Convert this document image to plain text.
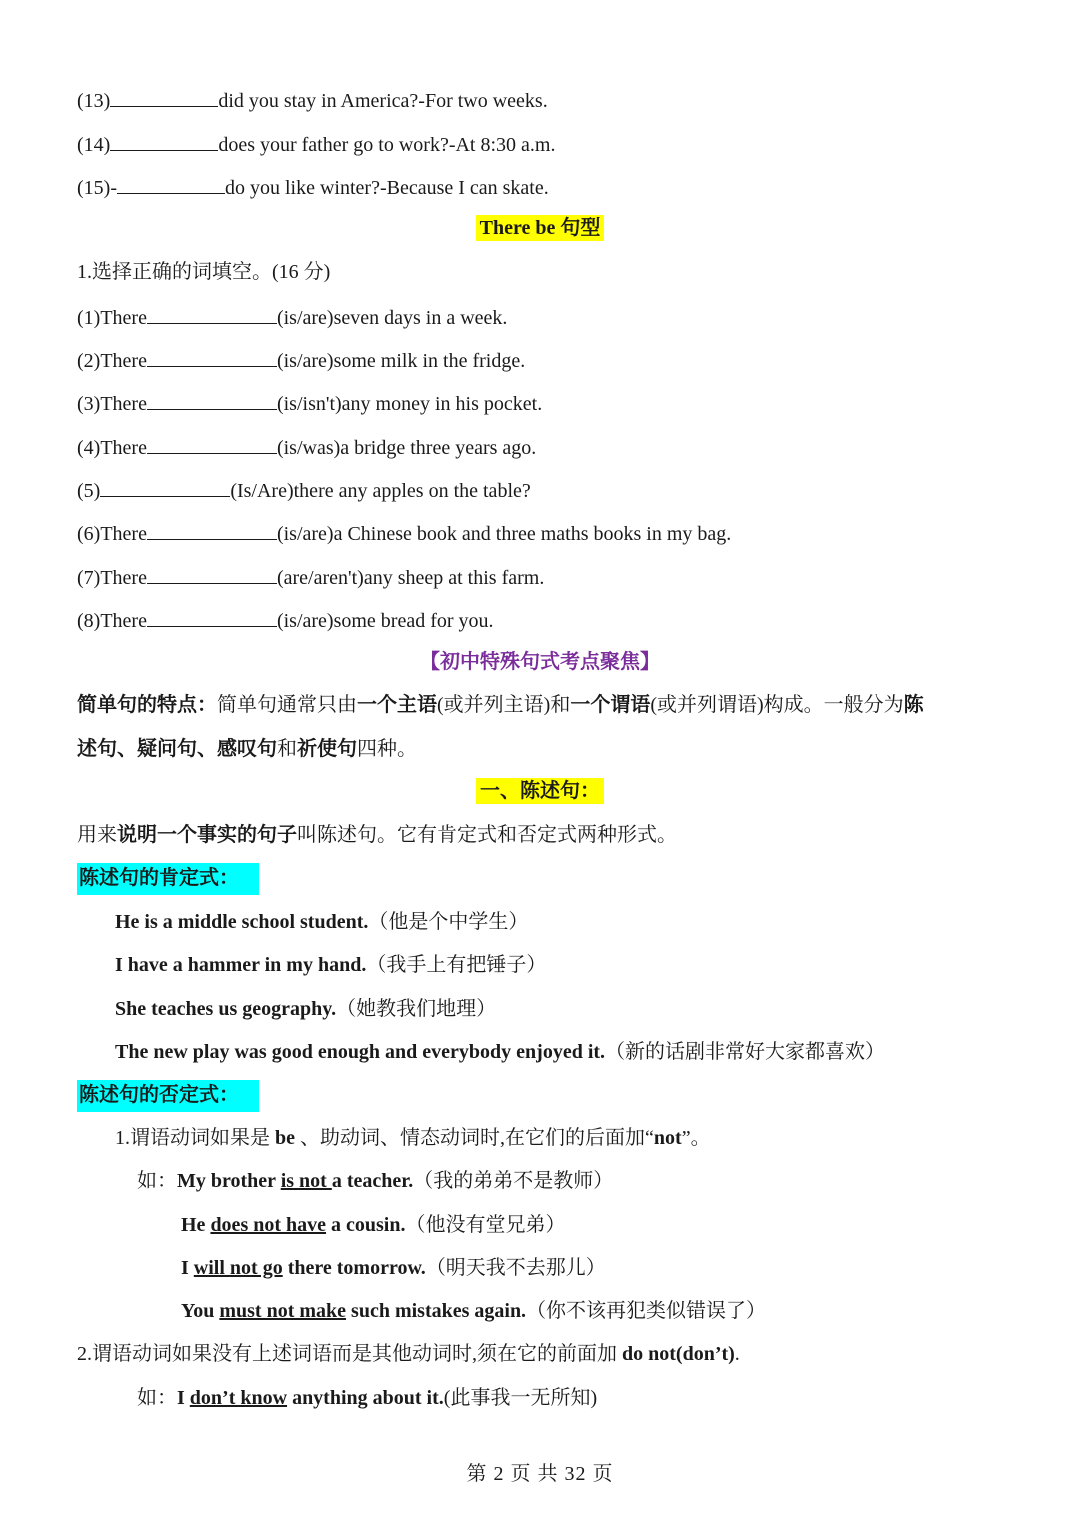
(13)	did you stay in America?-For two weeks.
(14)	does your father go to work?-At 8:30 a.m.
(15)-	do you like winter?-Because I can skate.
There be 句型
1.选择正确的词填空。(16 分)
(1)There	(is/are)seven days in a week.
(2)There	(is/are)some milk in the fridge.
(3)There	(is/isn't)any money in his pocket.
(4)There	(is/was)a bridge three years ago.
(5)	(Is/Are)there any apples on the table?
(6)There	(is/are)a Chinese book and three maths books in my bag.
(7)There	(are/aren't)any sheep at this farm.
(8)There	(is/are)some bread for you.
【初中特殊句式考点聚焦】
简单句的特点：简单句通常只由一个主语(或并列主语)和一个谓语(或并列谓语)构成。一般分为陈
述句、疑问句、感叹句和祈使句四种。
一、陈述句：
用来说明一个事实的句子叫陈述句。它有肯定式和否定式两种形式。
陈述句的肯定式：
He is a middle school student.（他是个中学生）
I have a hammer in my hand.（我手上有把锤子）
She teaches us geography.（她教我们地理）
The new play was good enough and everybody enjoyed it.（新的话剧非常好大家都喜欢）
陈述句的否定式：
1.谓语动词如果是 be 、助动词、情态动词时,在它们的后面加“not”。
如：My brother is not a teacher.（我的弟弟不是教师）
He does not have a cousin.（他没有堂兄弟）
I will not go there tomorrow.（明天我不去那儿）
You must not make such mistakes again.（你不该再犯类似错误了）
2.谓语动词如果没有上述词语而是其他动词时,须在它的前面加 do not(don’t).
如：I don’t know anything about it.(此事我一无所知)
第 2 页 共 32 页
